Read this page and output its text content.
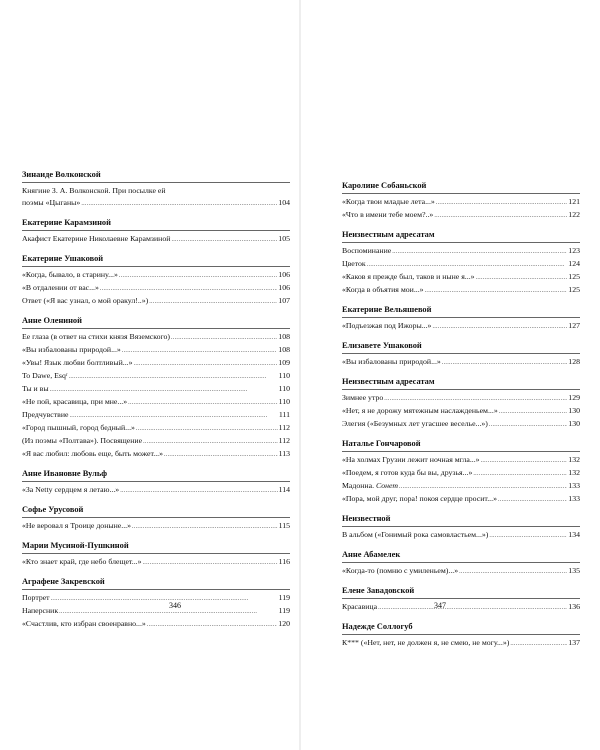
Зинаиде Волконской
Княгине З. А. Волконской. При посылке ей
поэмы «Цыганы» . . .	104
Екатерине Карамзиной
Акафист Екатерине Николаевне Карамзиной . . .	105
Екатерине Ушаковой
«Когда, бывало, в старину...» . . .	106
«В отдалении от вас...» . . .	106
Ответ («Я вас узнал, о мой оракул!..») . . .	107
Анне Олениной
Ее глаза (в ответ на стихи князя Вяземского) . . .	108
«Вы избалованы природой...» . . .	108
«Увы! Язык любви болтливый...» . . .	109
To Dawe, Esqʳ . . .	110
Ты и вы . . .	110
«Не пой, красавица, при мне...» . . .	110
Предчувствие . . .	111
«Город пышный, город бедный...» . . .	112
(Из поэмы «Полтава»). Посвящение . . .	112
«Я вас любил: любовь еще, быть может...» . . .	113
Анне Ивановне Вульф
«За Netty сердцем я летаю...» . . .	114
Софье Урусовой
«Не веровал я Троице доныне...» . . .	115
Марии Мусиной-Пушкиной
«Кто знает край, где небо блещет...» . . .	116
Аграфене Закревской
Портрет . . .	119
Наперсник . . .	119
«Счастлив, кто избран своенравно...» . . .	120
Каролине Собаньской
«Когда твои младые лета...» . . .	121
«Что в имени тебе моем?..» . . .	122
Неизвестным адресатам
Воспоминание . . .	123
Цветок . . .	124
«Каков я прежде был, таков и ныне я...» . . .	125
«Когда в объятия мои...» . . .	125
Екатерине Вельяшевой
«Подъезжая под Ижоры...» . . .	127
Елизавете Ушаковой
«Вы избалованы природой...» . . .	128
Неизвестным адресатам
Зимнее утро . . .	129
«Нет, я не дорожу мятежным наслажденьем...» . . .	130
Элегия («Безумных лет угасшее веселье...») . . .	130
Наталье Гончаровой
«На холмах Грузии лежит ночная мгла...» . . .	132
«Поедем, я готов куда бы вы, друзья...» . . .	132
Мадонна. Сонет . . .	133
«Пора, мой друг, пора! покоя сердце просит...» . . .	133
Неизвестной
В альбом («Гонимый рока самовластьем...») . . .	134
Анне Абамелек
«Когда-то (помню с умиленьем)...» . . .	135
Елене Завадовской
Красавица . . .	136
Надежде Соллогуб
К*** («Нет, нет, не должен я, не смею, не могу...») . . .	137
346	347
